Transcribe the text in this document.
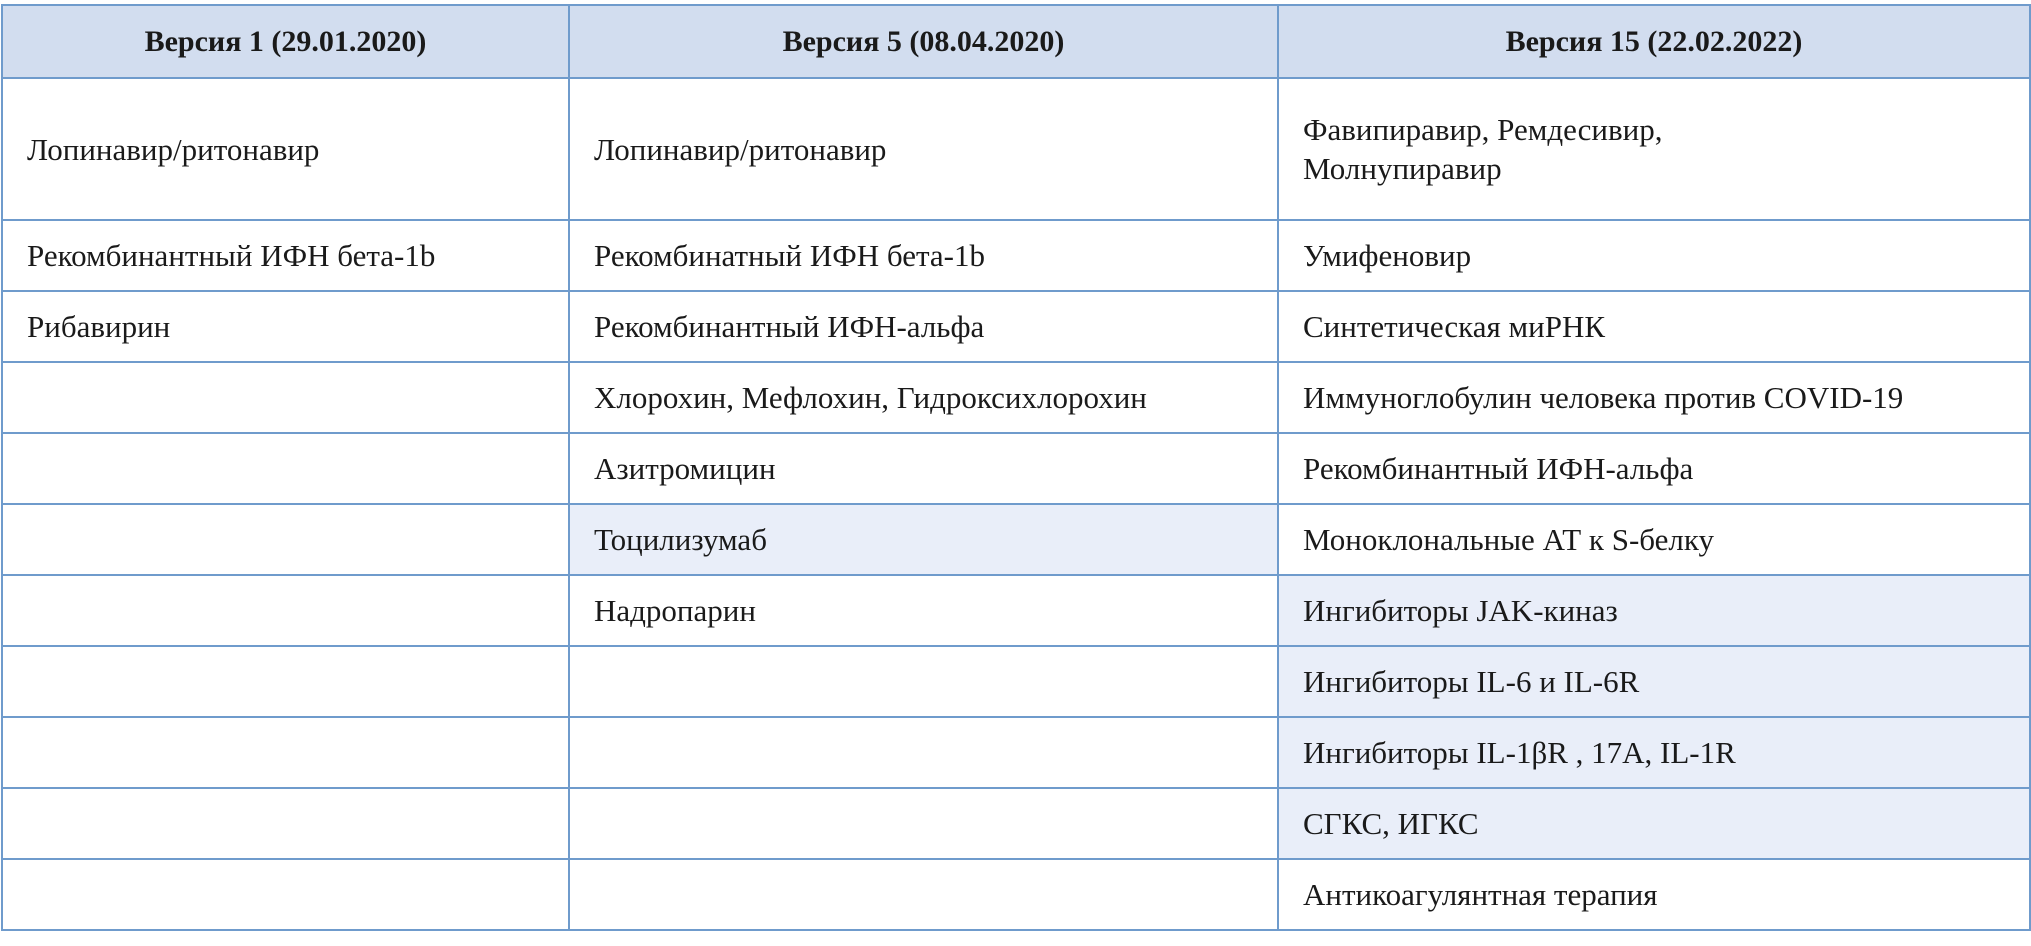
Версия 1 (29.01.2020)	Версия 5 (08.04.2020)	Версия 15 (22.02.2022)
Лопинавир/ритонавир	Лопинавир/ритонавир	Фавипиравир, Ремдесивир,
Молнупиравир
Рекомбинантный ИФН бета-1b	Рекомбинатный ИФН бета-1b	Умифеновир
Рибавирин	Рекомбинантный ИФН-альфа	Синтетическая миРНК
	Хлорохин, Мефлохин, Гидроксихлорохин	Иммуноглобулин человека против COVID-19
	Азитромицин	Рекомбинантный ИФН-альфа
	Тоцилизумаб	Моноклональные АТ к S-белку
	Надропарин	Ингибиторы JAK-киназ
		Ингибиторы IL-6 и IL-6R
		Ингибиторы IL-1βR , 17A, IL-1R
		СГКС, ИГКС
		Антикоагулянтная терапия
